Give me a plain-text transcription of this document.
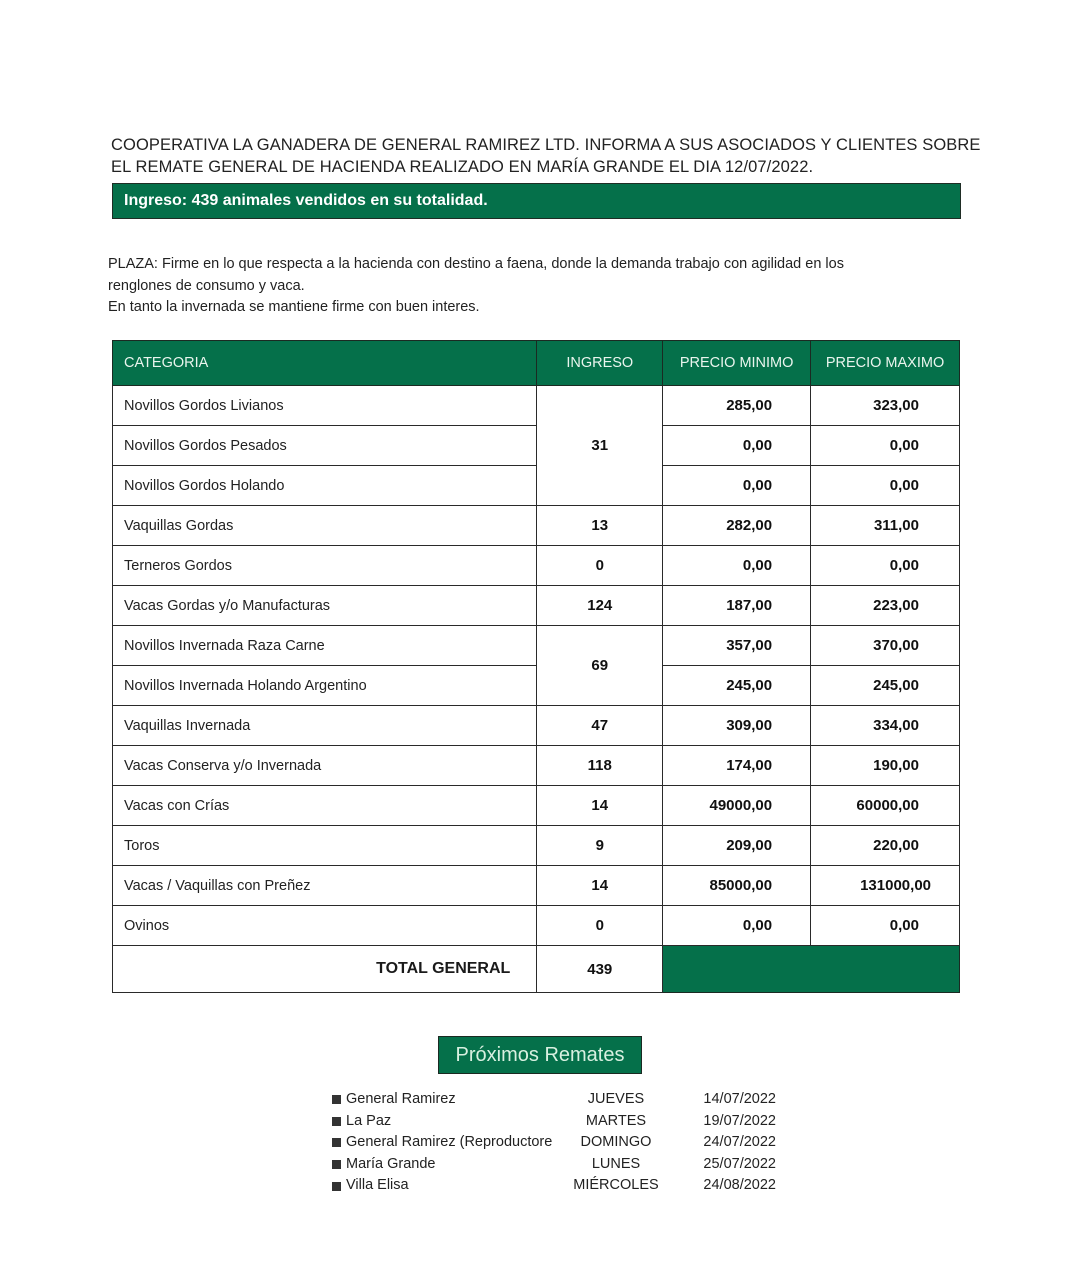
COOPERATIVA LA GANADERA DE GENERAL RAMIREZ LTD. INFORMA A SUS ASOCIADOS Y CLIENTES SOBRE
EL REMATE GENERAL DE HACIENDA REALIZADO EN MARÍA GRANDE EL DIA 12/07/2022.
Ingreso: 439 animales vendidos en su totalidad.
PLAZA: Firme en lo que respecta a la hacienda con destino a faena, donde la demanda trabajo con agilidad en los
renglones de consumo y vaca.
En tanto la invernada se mantiene firme con buen interes.
CATEGORIA	INGRESO	PRECIO MINIMO	PRECIO MAXIMO
Novillos Gordos Livianos	31	285,00	323,00
Novillos Gordos Pesados		0,00	0,00
Novillos Gordos Holando		0,00	0,00
Vaquillas Gordas	13	282,00	311,00
Terneros Gordos	0	0,00	0,00
Vacas Gordas y/o Manufacturas	124	187,00	223,00
Novillos Invernada Raza Carne	69	357,00	370,00
Novillos Invernada Holando Argentino		245,00	245,00
Vaquillas Invernada	47	309,00	334,00
Vacas Conserva y/o Invernada	118	174,00	190,00
Vacas con Crías	14	49000,00	60000,00
Toros	9	209,00	220,00
Vacas / Vaquillas con Preñez	14	85000,00	131000,00
Ovinos	0	0,00	0,00
TOTAL GENERAL	439		
Próximos Remates
General Ramirez	JUEVES	14/07/2022
La Paz	MARTES	19/07/2022
General Ramirez (Reproductore	DOMINGO	24/07/2022
María Grande	LUNES	25/07/2022
Villa Elisa	MIÉRCOLES	24/08/2022
